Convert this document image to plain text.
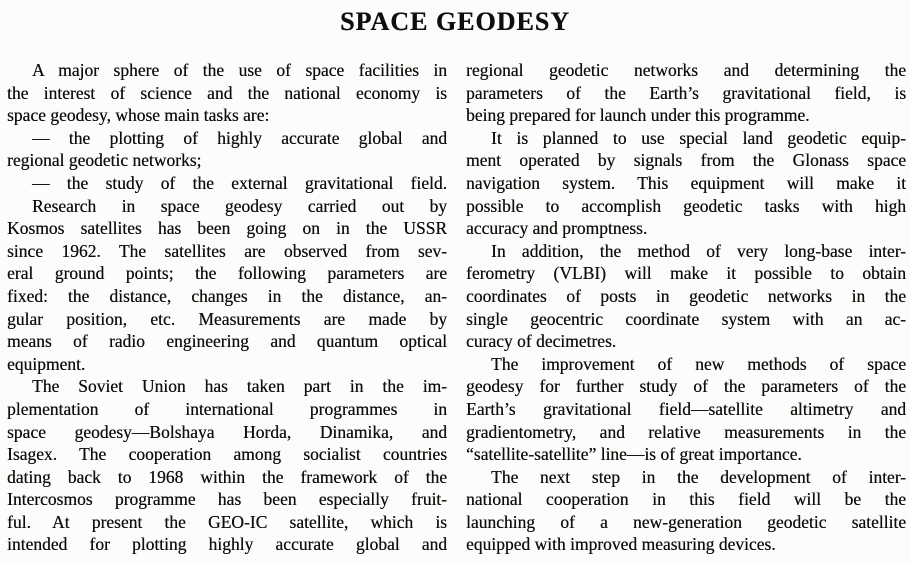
SPACE GEODESY
A major sphere of the use of space facilities in
the interest of science and the national economy is
space geodesy, whose main tasks are:
— the plotting of highly accurate global and
regional geodetic networks;
— the study of the external gravitational field.
Research in space geodesy carried out by
Kosmos satellites has been going on in the USSR
since 1962. The satellites are observed from sev-
eral ground points; the following parameters are
fixed: the distance, changes in the distance, an-
gular position, etc. Measurements are made by
means of radio engineering and quantum optical
equipment.
The Soviet Union has taken part in the im-
plementation of international programmes in
space geodesy—Bolshaya Horda, Dinamika, and
Isagex. The cooperation among socialist countries
dating back to 1968 within the framework of the
Intercosmos programme has been especially fruit-
ful. At present the GEO-IC satellite, which is
intended for plotting highly accurate global and
regional geodetic networks and determining the
parameters of the Earth’s gravitational field, is
being prepared for launch under this programme.
It is planned to use special land geodetic equip-
ment operated by signals from the Glonass space
navigation system. This equipment will make it
possible to accomplish geodetic tasks with high
accuracy and promptness.
In addition, the method of very long-base inter-
ferometry (VLBI) will make it possible to obtain
coordinates of posts in geodetic networks in the
single geocentric coordinate system with an ac-
curacy of decimetres.
The improvement of new methods of space
geodesy for further study of the parameters of the
Earth’s gravitational field—satellite altimetry and
gradientometry, and relative measurements in the
“satellite-satellite” line—is of great importance.
The next step in the development of inter-
national cooperation in this field will be the
launching of a new-generation geodetic satellite
equipped with improved measuring devices.
